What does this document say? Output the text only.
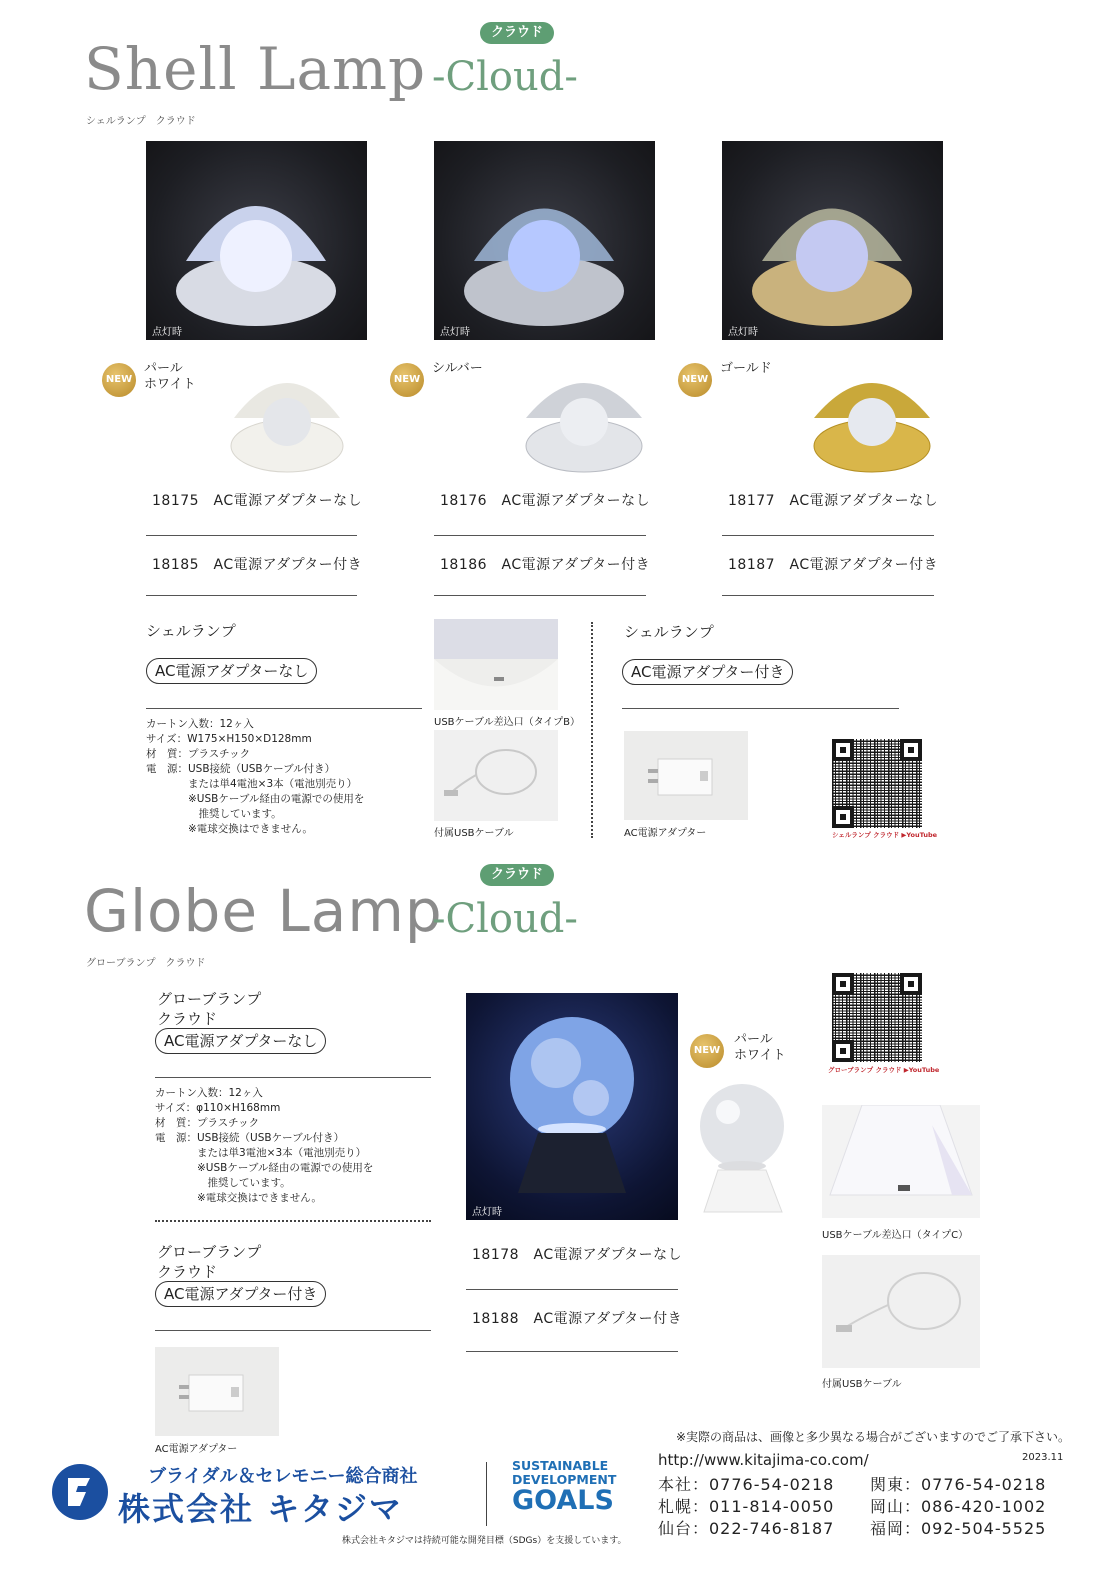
クラウド
Shell Lamp -Cloud-
シェルランプ　クラウド
点灯時	点灯時	点灯時
NEW
パール
ホワイト	NEW
シルバー
NEW
ゴールド
18175　AC電源アダプターなし
18185　AC電源アダプター付き
18176　AC電源アダプターなし
18186　AC電源アダプター付き
18177　AC電源アダプターなし
18187　AC電源アダプター付き
シェルランプ
AC電源アダプターなし
カートン入数：12ヶ入
サイズ：W175×H150×D128mm
材　質：プラスチック
電　源：USB接続（USBケーブル付き）
　　　　または単4電池×3本（電池別売り）
　　　　※USBケーブル経由の電源での使用を
　　　　　推奨しています。
　　　　※電球交換はできません。
USBケーブル差込口（タイプB）
付属USBケーブル
シェルランプ
AC電源アダプター付き
AC電源アダプター	シェルランプ クラウド ▶YouTube
クラウド
Globe Lamp
-Cloud-
グローブランプ　クラウド
グローブランプ
クラウド
AC電源アダプターなし
カートン入数：12ヶ入
サイズ：φ110×H168mm
材　質：プラスチック
電　源：USB接続（USBケーブル付き）
　　　　または単3電池×3本（電池別売り）
　　　　※USBケーブル経由の電源での使用を
　　　　　推奨しています。
　　　　※電球交換はできません。
グローブランプ
クラウド
AC電源アダプター付き
AC電源アダプター
点灯時
18178　AC電源アダプターなし
18188　AC電源アダプター付き
NEW
パール
ホワイト
グローブランプ クラウド ▶YouTube
USBケーブル差込口（タイプC）
付属USBケーブル
※実際の商品は、画像と多少異なる場合がございますのでご了承下さい。
2023.11
ブライダル＆セレモニー総合商社
株式会社 キタジマ
SUSTAINABLE
DEVELOPMENT
GOALS
株式会社キタジマは持続可能な開発目標（SDGs）を支援しています。
http://www.kitajima-co.com/
本社：0776-54-0218
札幌：011-814-0050
仙台：022-746-8187
関東：0776-54-0218
岡山：086-420-1002
福岡：092-504-5525
